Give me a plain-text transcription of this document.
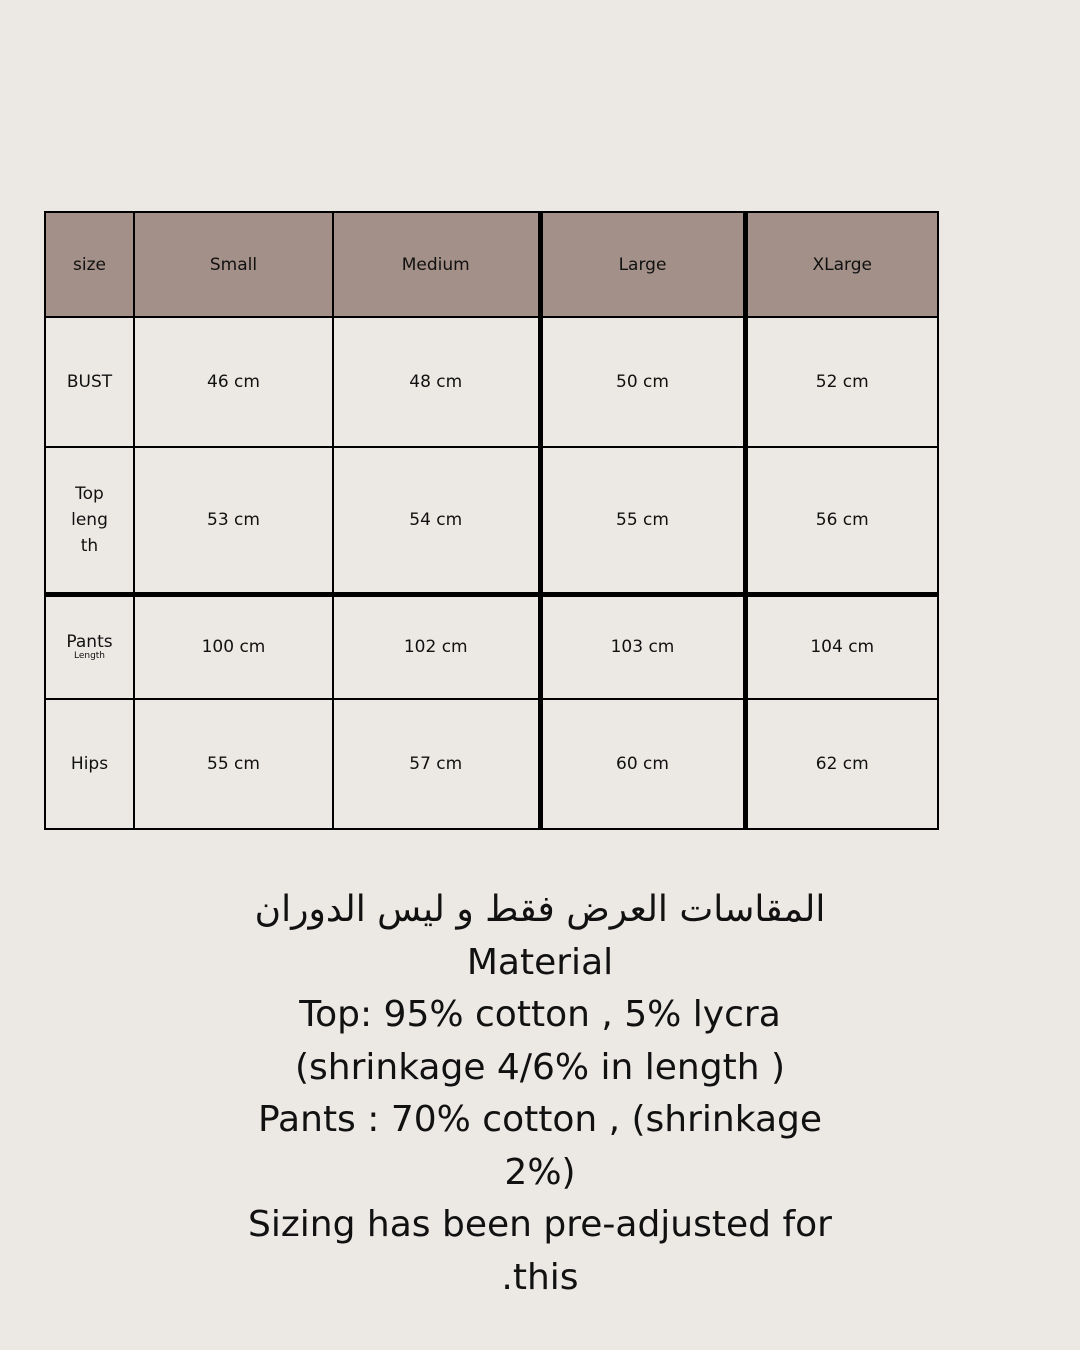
size	Small	Medium	Large	XLarge
BUST	46 cm	48 cm	50 cm	52 cm

Top
leng
th	53 cm	54 cm	55 cm	56 cm
Pants
Length	100 cm	102 cm	103 cm	104 cm
Hips	55 cm	57 cm	60 cm	62 cm
المقاسات العرض فقط و ليس الدوران
Material
Top: 95% cotton , 5% lycra
(shrinkage 4/6% in length )
Pants : 70% cotton , (shrinkage
2%)
Sizing has been pre-adjusted for
.this
